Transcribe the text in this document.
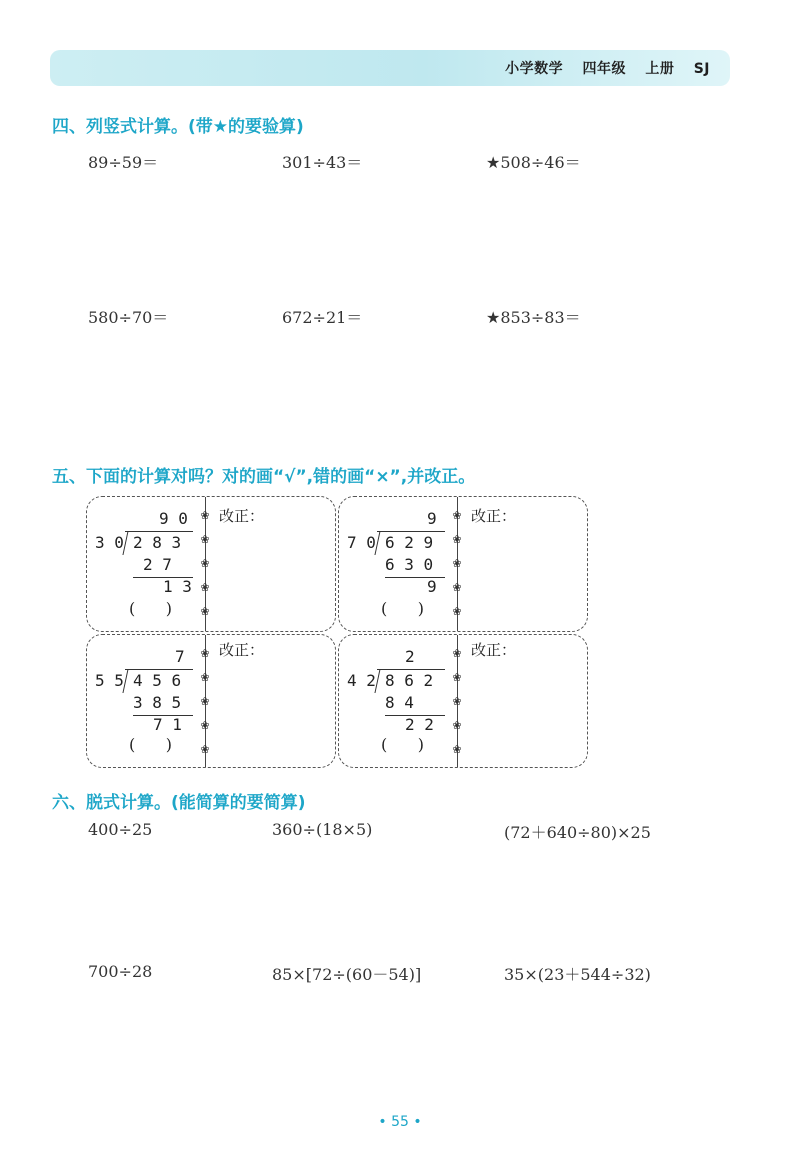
小学数学 四年级 上册 SJ
四、列竖式计算。(带★的要验算)
89÷59＝	301÷43＝	★508÷46＝
580÷70＝	672÷21＝	★853÷83＝
五、下面的计算对吗？对的画“√”,错的画“×”,并改正。
❀
❀
❀
❀
❀
改正：
9 0
3 0 2 8 3
2 7
1 3
(      )
❀
❀
❀
❀
❀
改正：
9
7 0 6 2 9
6 3 0
9
(      )
❀
❀
❀
❀
❀
改正：
7
5 5 4 5 6
3 8 5
7 1
(      )
❀
❀
❀
❀
❀
改正：
2
4 2 8 6 2
8 4
2 2
(      )
六、脱式计算。(能简算的要简算)
400÷25	360÷(18×5)	(72＋640÷80)×25
700÷28	85×[72÷(60－54)]	35×(23＋544÷32)
• 55 •
